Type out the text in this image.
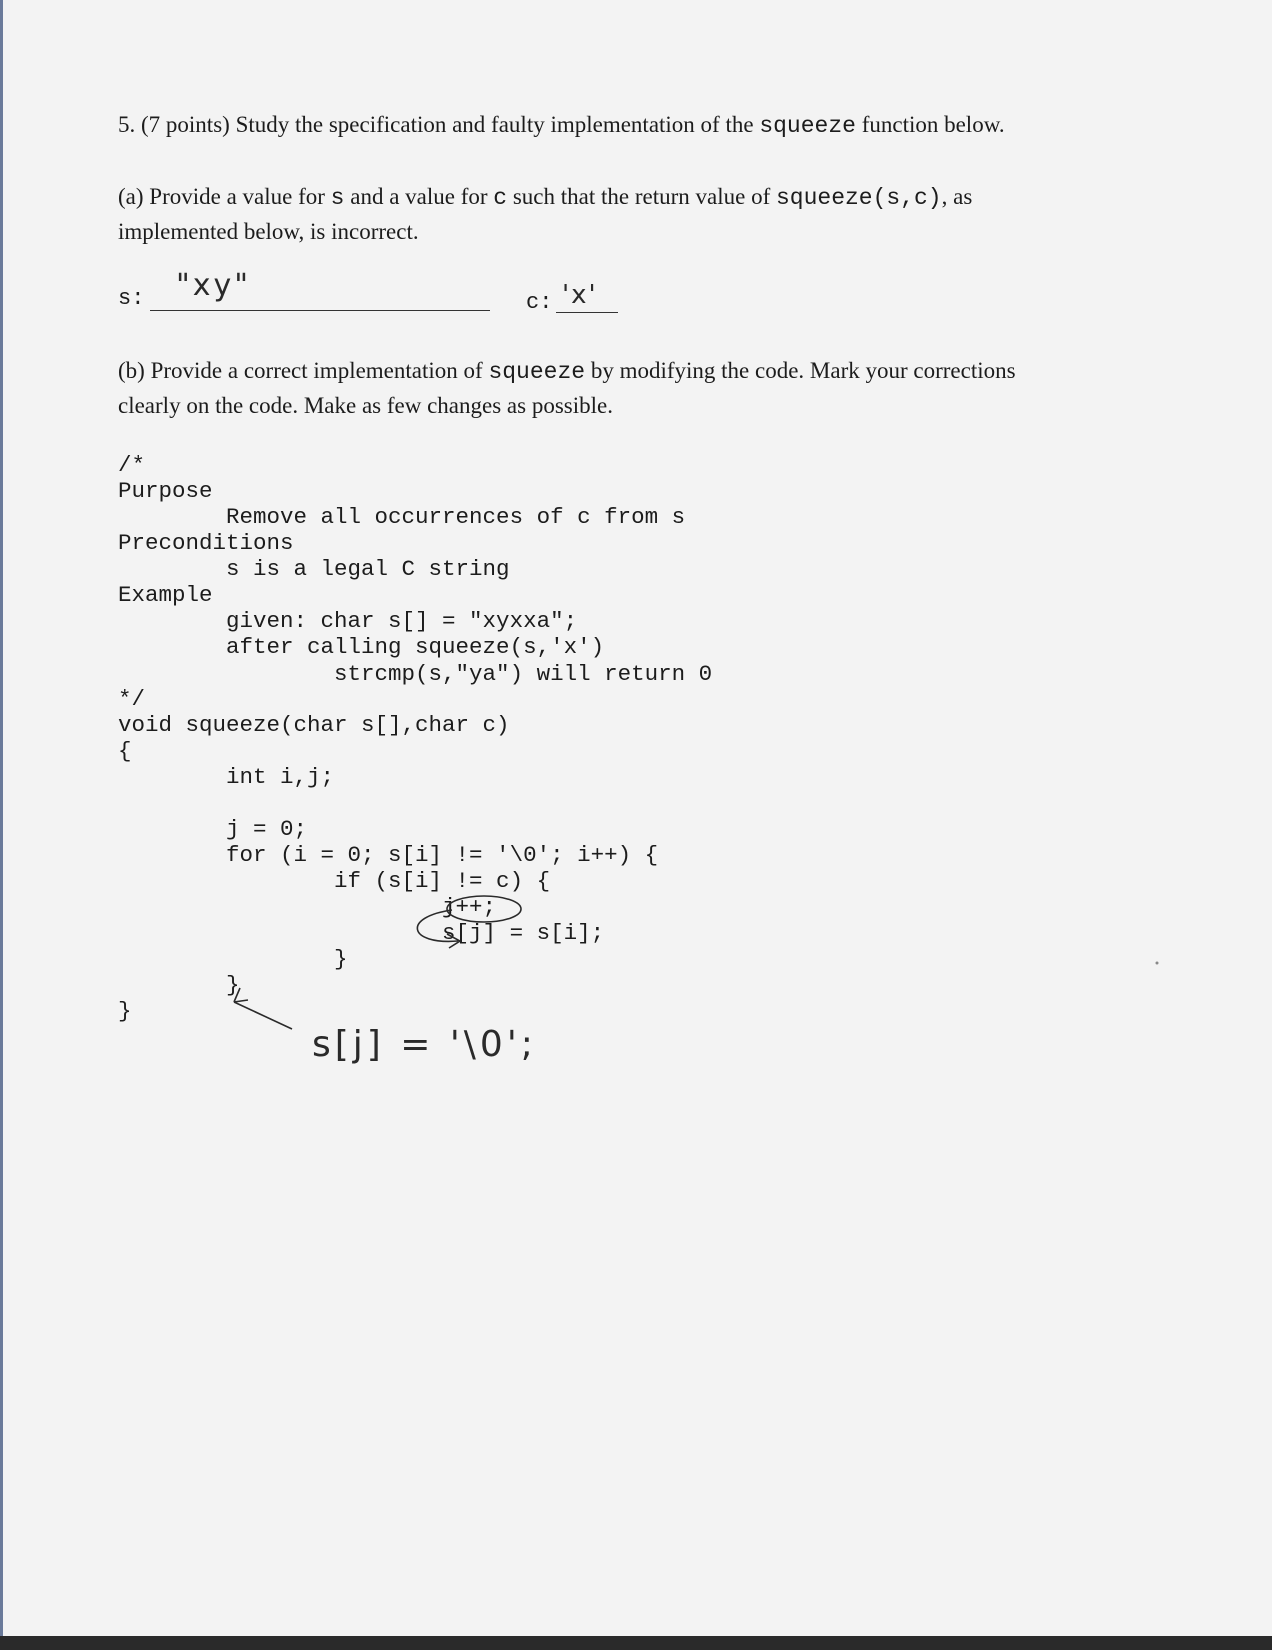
5. (7 points) Study the specification and faulty implementation of the squeeze function below.
(a) Provide a value for s and a value for c such that the return value of squeeze(s,c), as
implemented below, is incorrect.
s: "xy"	c: 'x'
(b) Provide a correct implementation of squeeze by modifying the code. Mark your corrections
clearly on the code. Make as few changes as possible.
/*
Purpose
Remove all occurrences of c from s
Preconditions
s is a legal C string
Example
given: char s[] = "xyxxa";
after calling squeeze(s,'x')
strcmp(s,"ya") will return 0
*/
void squeeze(char s[],char c)
{
int i,j;
j = 0;
for (i = 0; s[i] != '\0'; i++) {
if (s[i] != c) {
j++;
s[j] = s[i];
}
}
}
s[j] = '\0';
